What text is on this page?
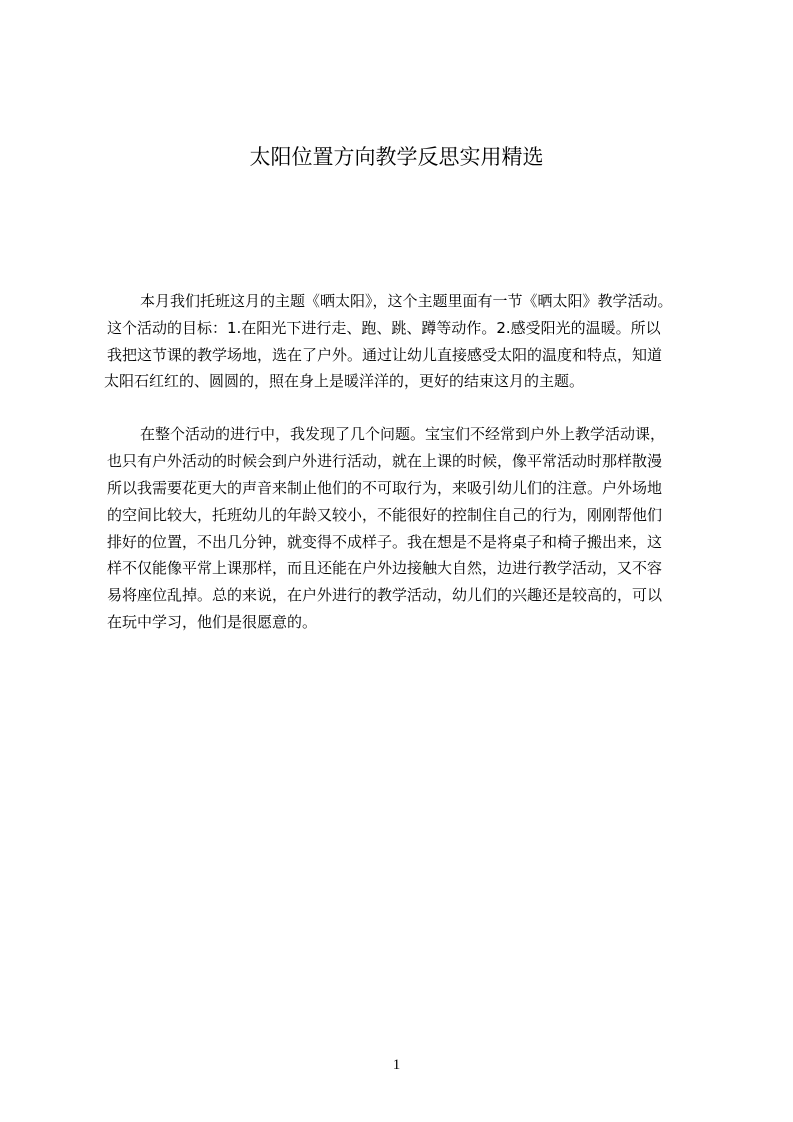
太阳位置方向教学反思实用精选
本月我们托班这月的主题《晒太阳》，这个主题里面有一节《晒太阳》教学活动。
这个活动的目标：1.在阳光下进行走、跑、跳、蹲等动作。2.感受阳光的温暖。所以
我把这节课的教学场地，选在了户外。通过让幼儿直接感受太阳的温度和特点，知道
太阳石红红的、圆圆的，照在身上是暖洋洋的，更好的结束这月的主题。
在整个活动的进行中，我发现了几个问题。宝宝们不经常到户外上教学活动课，
也只有户外活动的时候会到户外进行活动，就在上课的时候，像平常活动时那样散漫
所以我需要花更大的声音来制止他们的不可取行为，来吸引幼儿们的注意。户外场地
的空间比较大，托班幼儿的年龄又较小，不能很好的控制住自己的行为，刚刚帮他们
排好的位置，不出几分钟，就变得不成样子。我在想是不是将桌子和椅子搬出来，这
样不仅能像平常上课那样，而且还能在户外边接触大自然，边进行教学活动，又不容
易将座位乱掉。总的来说，在户外进行的教学活动，幼儿们的兴趣还是较高的，可以
在玩中学习，他们是很愿意的。
1
